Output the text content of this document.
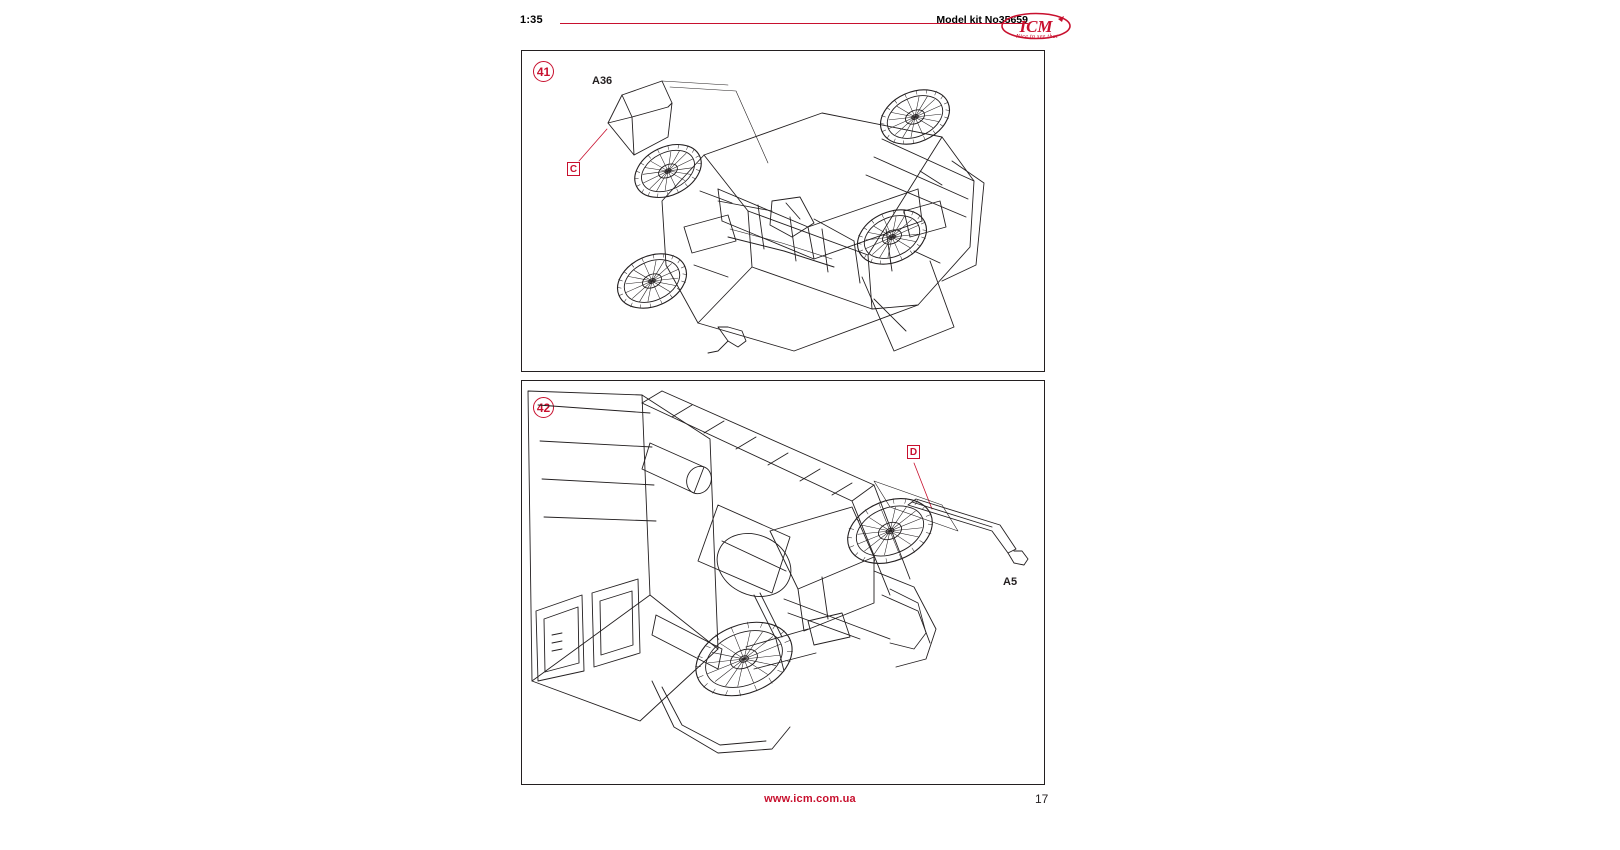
1:35	Model kit No35659
ICM
Nice to see that
41
A36
C
42
D
A5
www.icm.com.ua	17
